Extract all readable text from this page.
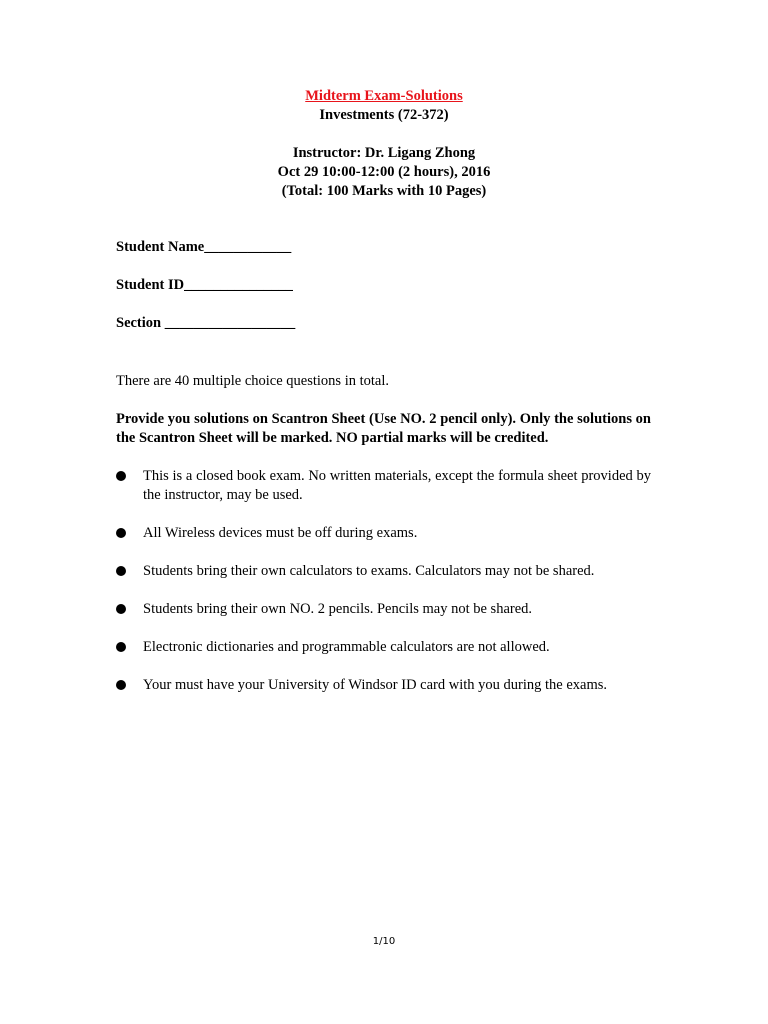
Midterm Exam-Solutions
Investments (72-372)
Instructor: Dr. Ligang Zhong
Oct 29 10:00-12:00 (2 hours), 2016
(Total: 100 Marks with 10 Pages)
Student Name____________
Student ID_______________
Section __________________
There are 40 multiple choice questions in total.
Provide you solutions on Scantron Sheet (Use NO. 2 pencil only). Only the solutions on the Scantron Sheet will be marked. NO partial marks will be credited.
This is a closed book exam. No written materials, except the formula sheet provided by the instructor, may be used.
All Wireless devices must be off during exams.
Students bring their own calculators to exams. Calculators may not be shared.
Students bring their own NO. 2 pencils. Pencils may not be shared.
Electronic dictionaries and programmable calculators are not allowed.
Your must have your University of Windsor ID card with you during the exams.
1/10
